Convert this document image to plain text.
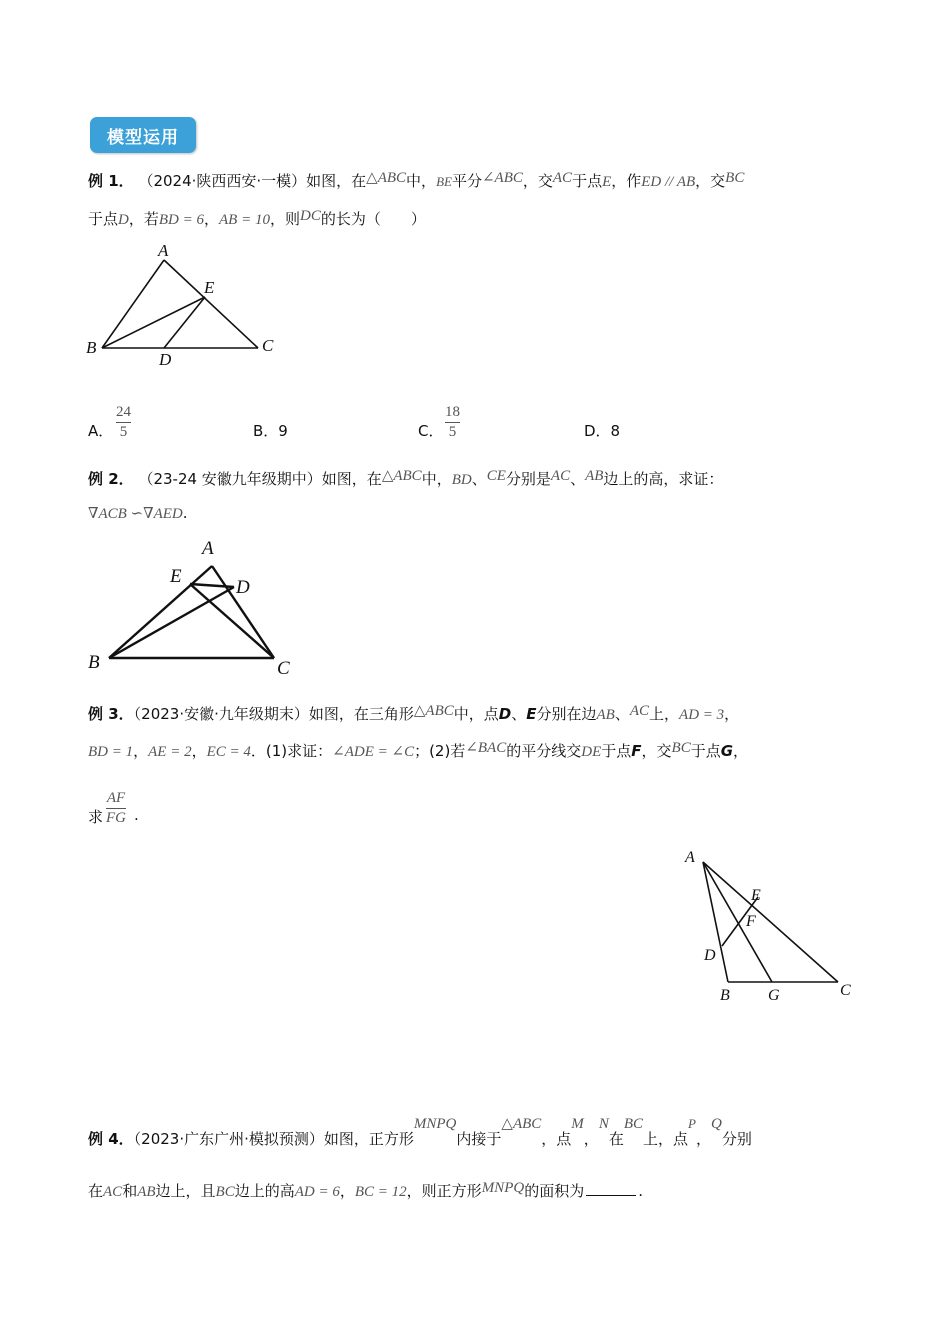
模型运用
例 1． （2024·陕西西安·一模）如图，在△ABC中，BE平分∠ABC，交AC于点E，作ED // AB，交BC
于点D，若BD = 6，AB = 10，则DC的长为（　　）
A
E
B
D
C
A．
24
5	B．9	C．
18
5	D．8
例 2． （23-24 安徽九年级期中）如图，在△ABC中，BD、CE分别是AC、AB边上的高，求证：
∇ACB ∽∇AED.
A
E
D
B	C
例 3．（2023·安徽·九年级期末）如图，在三角形△ABC中，点D、E分别在边AB、AC上，AD = 3，
BD = 1，AE = 2，EC = 4．(1)求证：∠ADE = ∠C；(2)若∠BAC的平分线交DE于点F，交BC于点G，
求
AF
FG .
A
E
F
D
B G	C
例 4．（2023·广东广州·模拟预测）如图，正方形MNPQ内接于△ABC，点M，N在BC上，点P，Q分别
在AC和AB边上，且BC边上的高AD = 6，BC = 12，则正方形MNPQ的面积为	.
